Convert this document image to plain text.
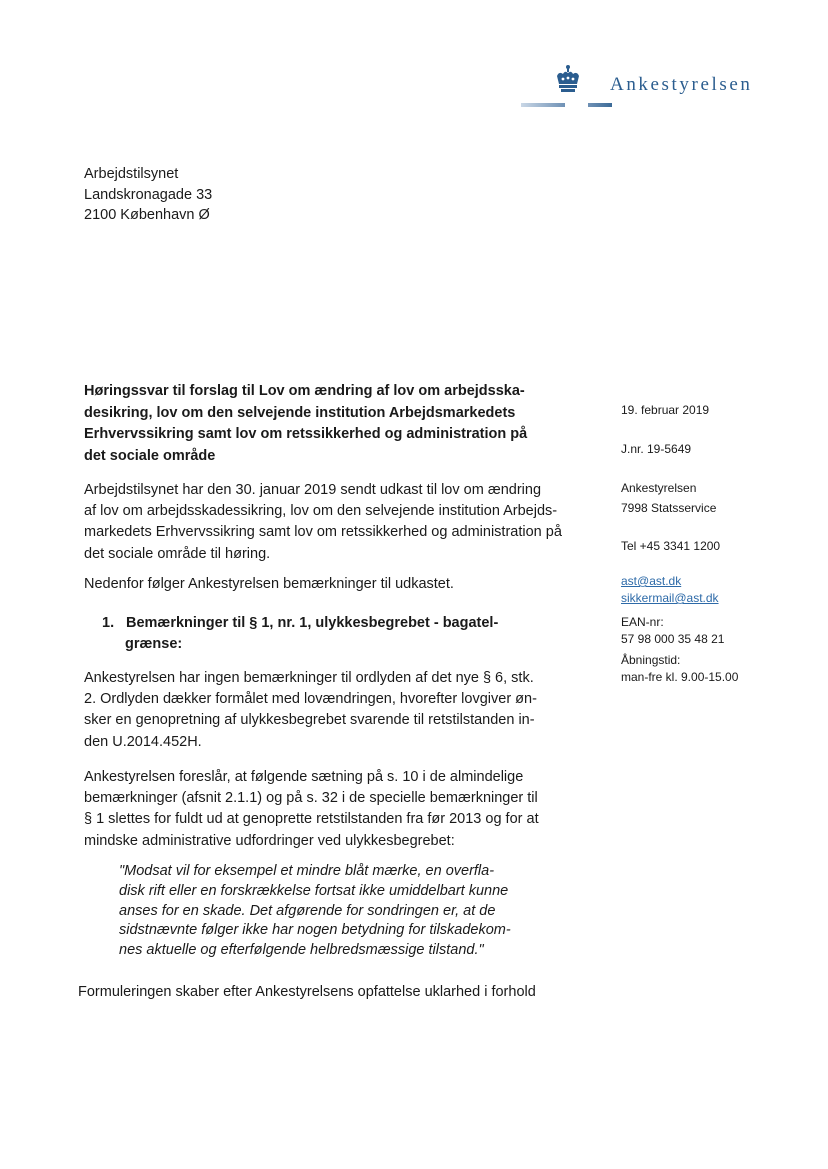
Ankestyrelsen
Arbejdstilsynet
Landskronagade 33
2100 København Ø
Høringssvar til forslag til Lov om ændring af lov om arbejdsska-
desikring, lov om den selvejende institution Arbejdsmarkedets
Erhvervssikring samt lov om retssikkerhed og administration på
det sociale område
Arbejdstilsynet har den 30. januar 2019 sendt udkast til lov om ændring
af lov om arbejdsskadessikring, lov om den selvejende institution Arbejds-
markedets Erhvervssikring samt lov om retssikkerhed og administration på
det sociale område til høring.
Nedenfor følger Ankestyrelsen bemærkninger til udkastet.
1. Bemærkninger til § 1, nr. 1, ulykkesbegrebet - bagatel-
grænse:
Ankestyrelsen har ingen bemærkninger til ordlyden af det nye § 6, stk.
2. Ordlyden dækker formålet med lovændringen, hvorefter lovgiver øn-
sker en genopretning af ulykkesbegrebet svarende til retstilstanden in-
den U.2014.452H.
Ankestyrelsen foreslår, at følgende sætning på s. 10 i de almindelige
bemærkninger (afsnit 2.1.1) og på s. 32 i de specielle bemærkninger til
§ 1 slettes for fuldt ud at genoprette retstilstanden fra før 2013 og for at
mindske administrative udfordringer ved ulykkesbegrebet:
"Modsat vil for eksempel et mindre blåt mærke, en overfla-
disk rift eller en forskrækkelse fortsat ikke umiddelbart kunne
anses for en skade. Det afgørende for sondringen er, at de
sidstnævnte følger ikke har nogen betydning for tilskadekom-
nes aktuelle og efterfølgende helbredsmæssige tilstand."
Formuleringen skaber efter Ankestyrelsens opfattelse uklarhed i forhold
19. februar 2019
J.nr. 19-5649
Ankestyrelsen
7998 Statsservice
Tel +45 3341 1200
ast@ast.dk
sikkermail@ast.dk
EAN-nr:
57 98 000 35 48 21
Åbningstid:
man-fre kl. 9.00-15.00
